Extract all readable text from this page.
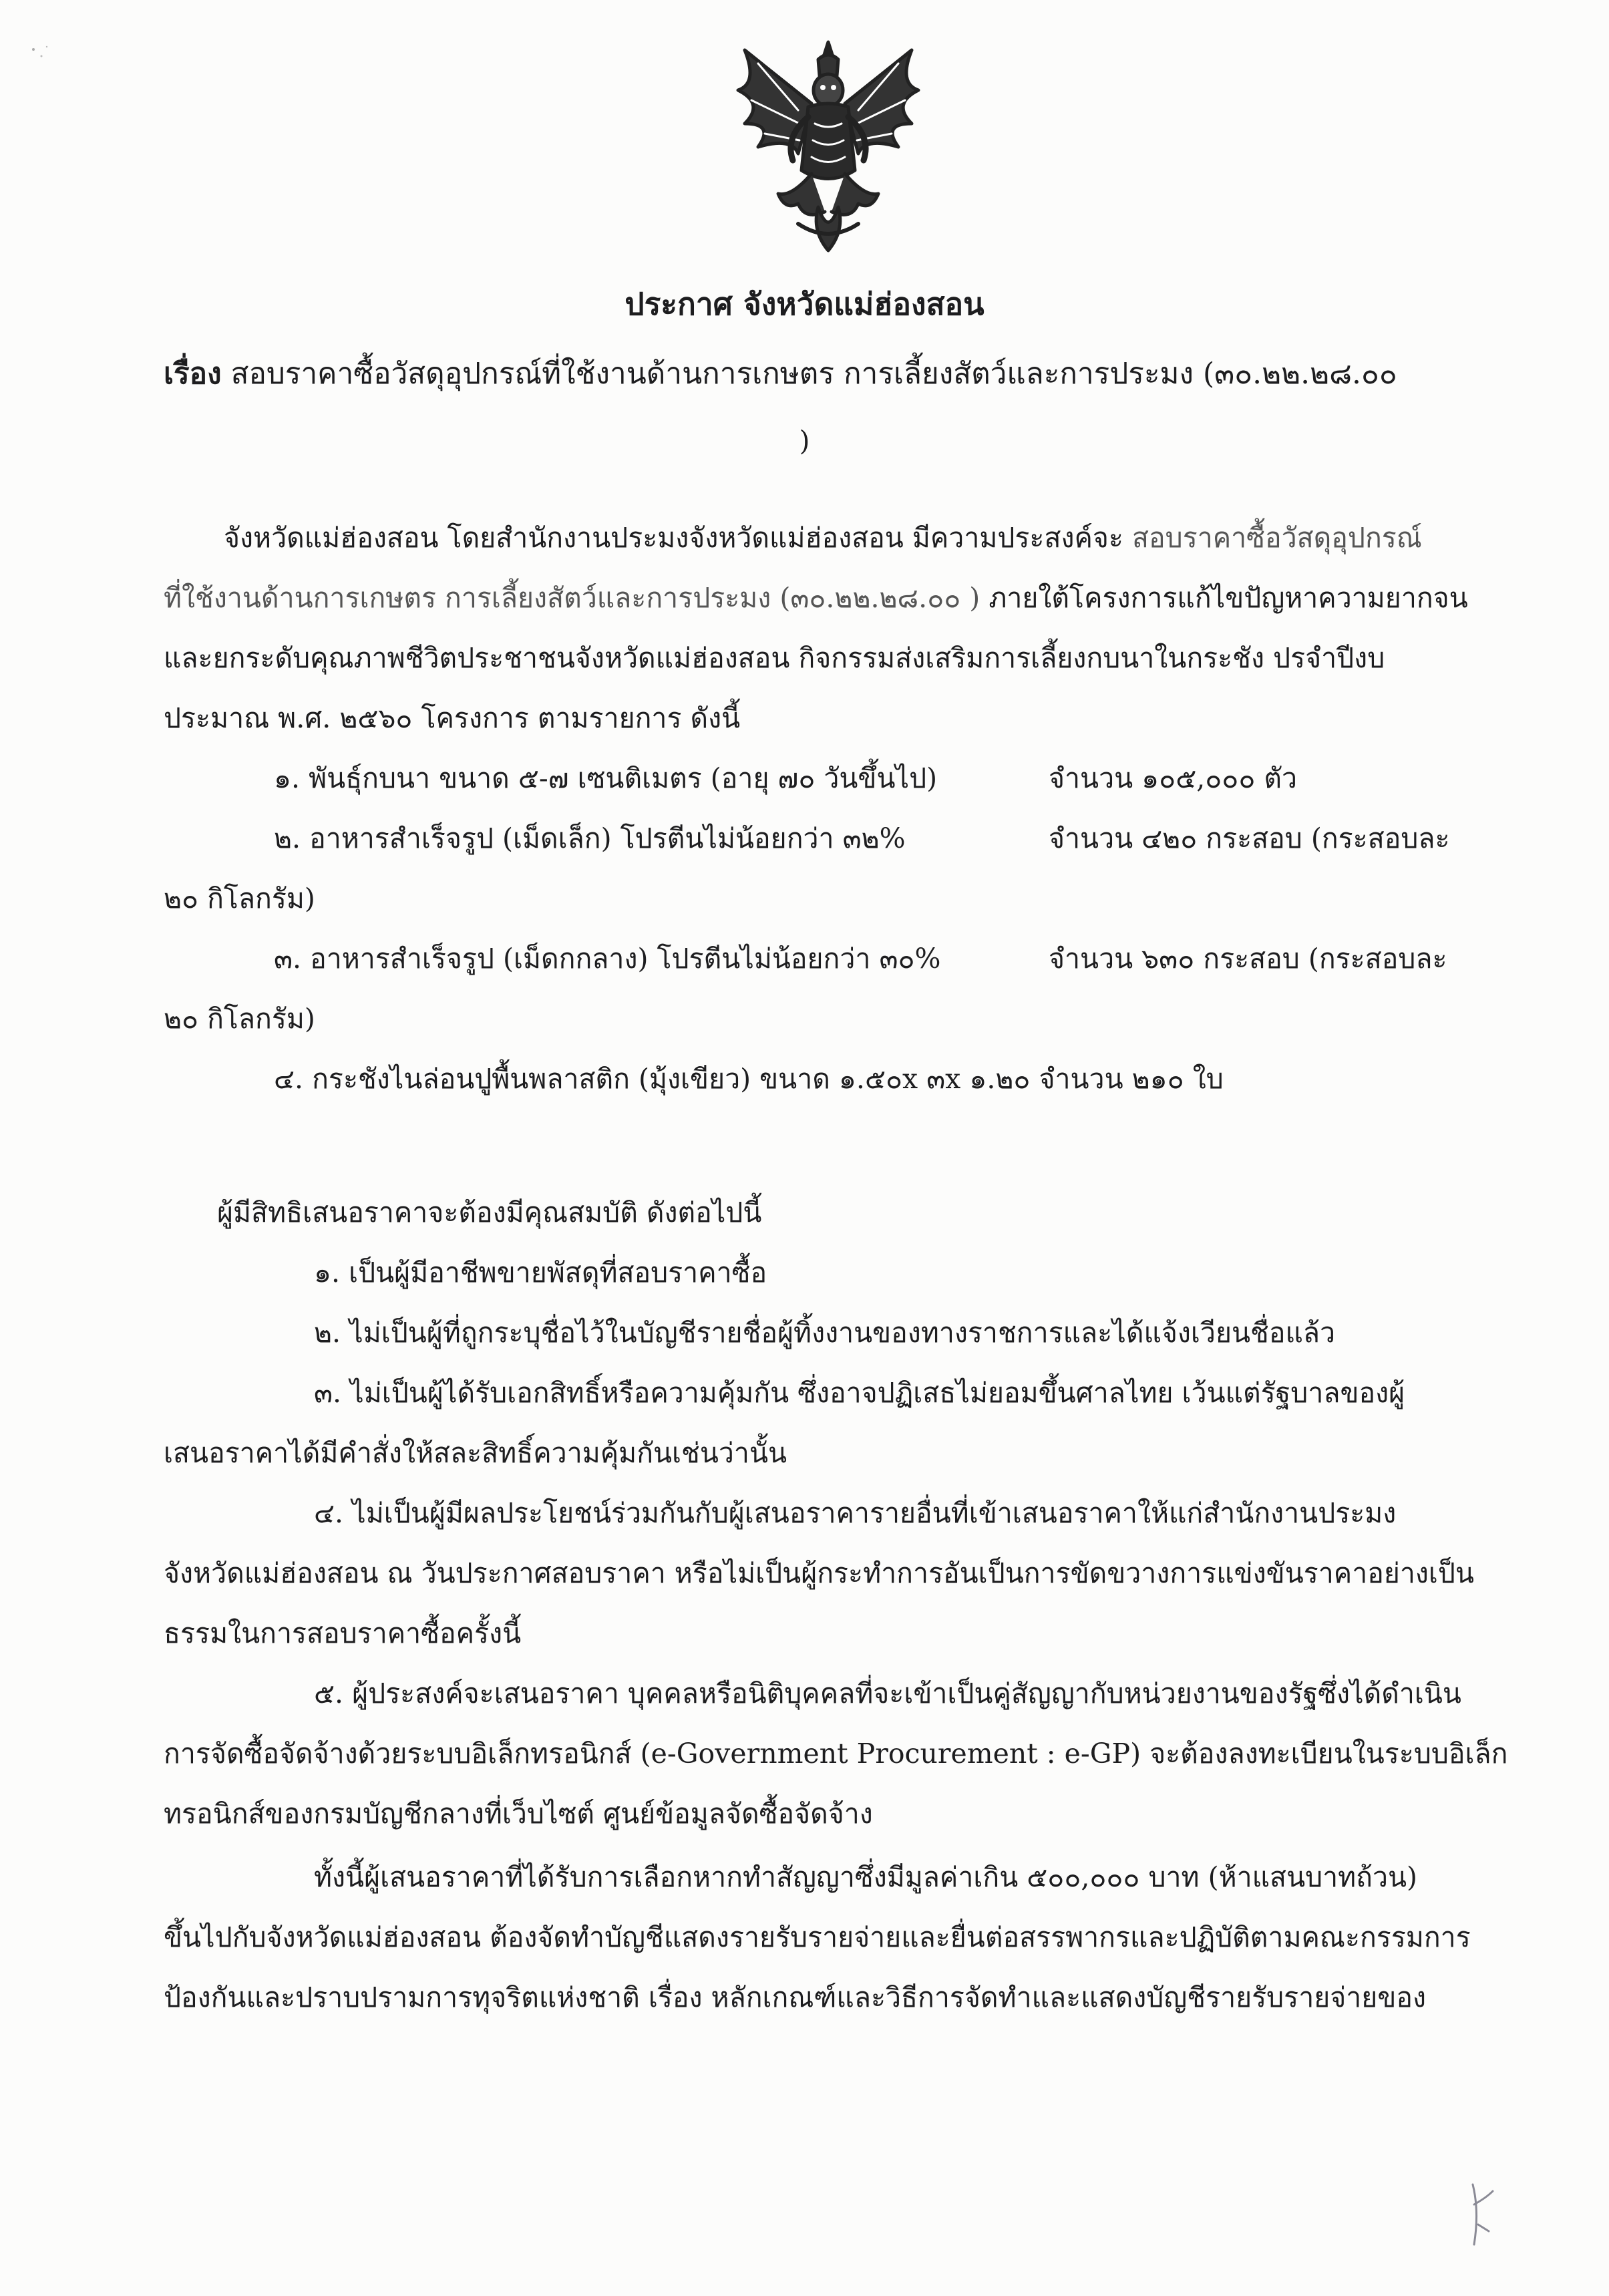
ประกาศ จังหวัดแม่ฮ่องสอน
เรื่อง สอบราคาซื้อวัสดุอุปกรณ์ที่ใช้งานด้านการเกษตร การเลี้ยงสัตว์และการประมง (๓๐.๒๒.๒๘.๐๐
)
จังหวัดแม่ฮ่องสอน โดยสำนักงานประมงจังหวัดแม่ฮ่องสอน มีความประสงค์จะ สอบราคาซื้อวัสดุอุปกรณ์
ที่ใช้งานด้านการเกษตร การเลี้ยงสัตว์และการประมง (๓๐.๒๒.๒๘.๐๐ ) ภายใต้โครงการแก้ไขปัญหาความยากจน
และยกระดับคุณภาพชีวิตประชาชนจังหวัดแม่ฮ่องสอน กิจกรรมส่งเสริมการเลี้ยงกบนาในกระชัง ปรจำปีงบ
ประมาณ พ.ศ. ๒๕๖๐ โครงการ ตามรายการ ดังนี้
๑. พันธุ์กบนา ขนาด ๕-๗ เซนติเมตร (อายุ ๗๐ วันขึ้นไป)	จำนวน ๑๐๕,๐๐๐ ตัว
๒. อาหารสำเร็จรูป (เม็ดเล็ก) โปรตีนไม่น้อยกว่า ๓๒%	จำนวน ๔๒๐ กระสอบ (กระสอบละ
๒๐ กิโลกรัม)
๓. อาหารสำเร็จรูป (เม็ดกกลาง) โปรตีนไม่น้อยกว่า ๓๐%	จำนวน ๖๓๐ กระสอบ (กระสอบละ
๒๐ กิโลกรัม)
๔. กระชังไนล่อนปูพื้นพลาสติก (มุ้งเขียว) ขนาด ๑.๕๐x ๓x ๑.๒๐ จำนวน ๒๑๐ ใบ
ผู้มีสิทธิเสนอราคาจะต้องมีคุณสมบัติ ดังต่อไปนี้
๑. เป็นผู้มีอาชีพขายพัสดุที่สอบราคาซื้อ
๒. ไม่เป็นผู้ที่ถูกระบุชื่อไว้ในบัญชีรายชื่อผู้ทิ้งงานของทางราชการและได้แจ้งเวียนชื่อแล้ว
๓. ไม่เป็นผู้ได้รับเอกสิทธิ์หรือความคุ้มกัน ซึ่งอาจปฏิเสธไม่ยอมขึ้นศาลไทย เว้นแต่รัฐบาลของผู้
เสนอราคาได้มีคำสั่งให้สละสิทธิ์ความคุ้มกันเช่นว่านั้น
๔. ไม่เป็นผู้มีผลประโยชน์ร่วมกันกับผู้เสนอราคารายอื่นที่เข้าเสนอราคาให้แก่สำนักงานประมง
จังหวัดแม่ฮ่องสอน ณ วันประกาศสอบราคา หรือไม่เป็นผู้กระทำการอันเป็นการขัดขวางการแข่งขันราคาอย่างเป็น
ธรรมในการสอบราคาซื้อครั้งนี้
๕. ผู้ประสงค์จะเสนอราคา บุคคลหรือนิติบุคคลที่จะเข้าเป็นคู่สัญญากับหน่วยงานของรัฐซึ่งได้ดำเนิน
การจัดซื้อจัดจ้างด้วยระบบอิเล็กทรอนิกส์ (e-Government Procurement : e-GP) จะต้องลงทะเบียนในระบบอิเล็ก
ทรอนิกส์ของกรมบัญชีกลางที่เว็บไซต์ ศูนย์ข้อมูลจัดซื้อจัดจ้าง
ทั้งนี้ผู้เสนอราคาที่ได้รับการเลือกหากทำสัญญาซึ่งมีมูลค่าเกิน ๕๐๐,๐๐๐ บาท (ห้าแสนบาทถ้วน)
ขึ้นไปกับจังหวัดแม่ฮ่องสอน ต้องจัดทำบัญชีแสดงรายรับรายจ่ายและยื่นต่อสรรพากรและปฏิบัติตามคณะกรรมการ
ป้องกันและปราบปรามการทุจริตแห่งชาติ เรื่อง หลักเกณฑ์และวิธีการจัดทำและแสดงบัญชีรายรับรายจ่ายของ
